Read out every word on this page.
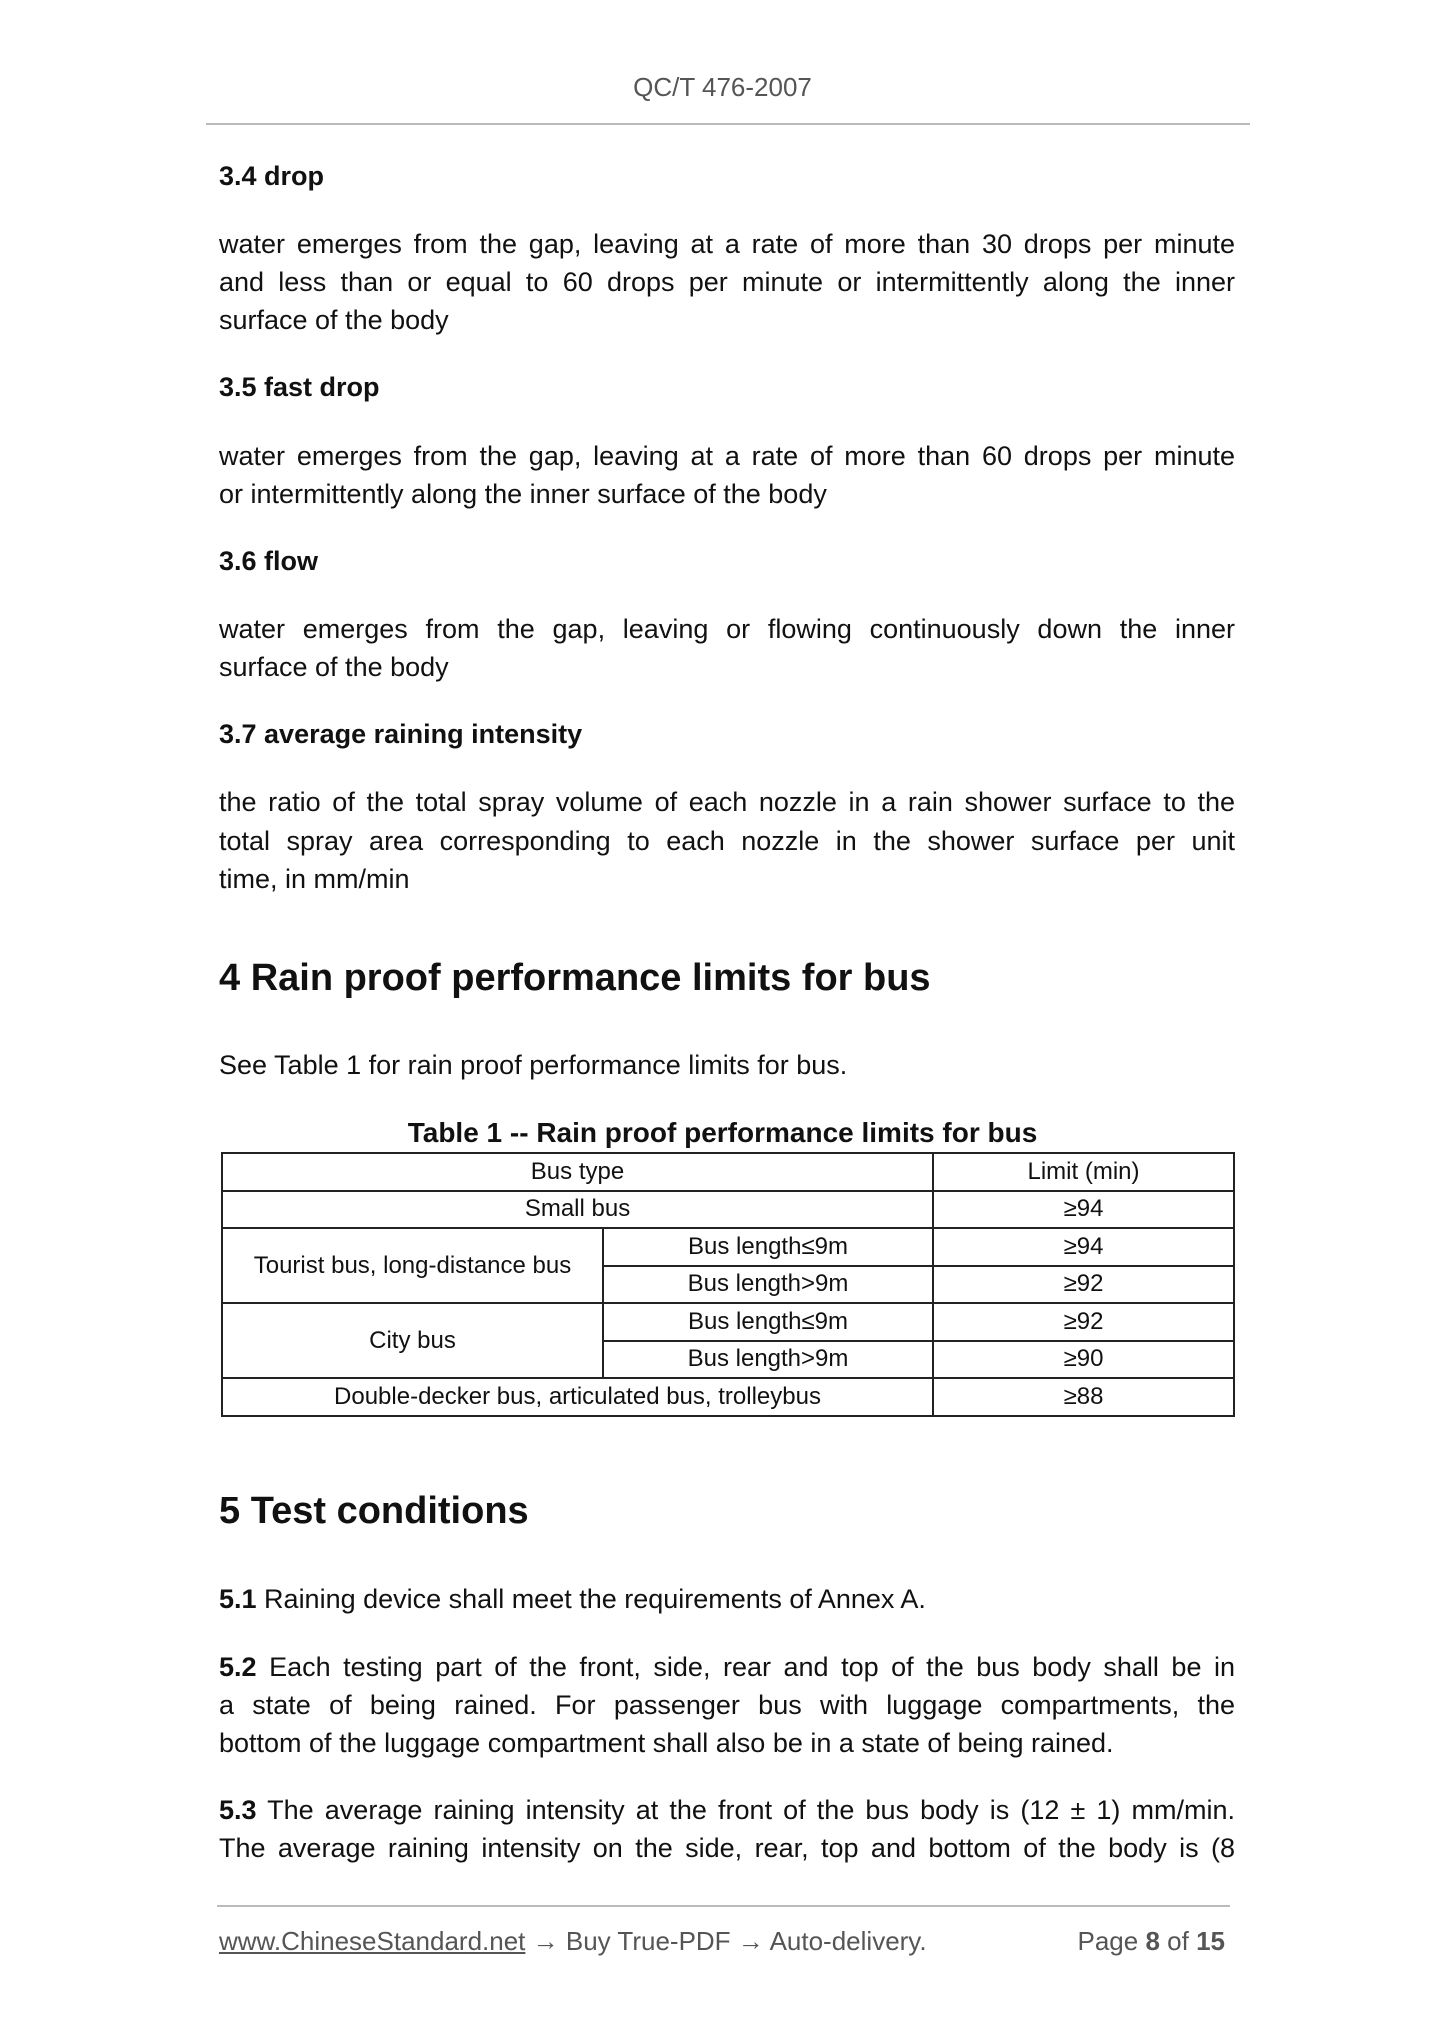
QC/T 476-2007
3.4 drop
water emerges from the gap, leaving at a rate of more than 30 drops per minute
and less than or equal to 60 drops per minute or intermittently along the inner
surface of the body
3.5 fast drop
water emerges from the gap, leaving at a rate of more than 60 drops per minute
or intermittently along the inner surface of the body
3.6 flow
water emerges from the gap, leaving or flowing continuously down the inner
surface of the body
3.7 average raining intensity
the ratio of the total spray volume of each nozzle in a rain shower surface to the
total spray area corresponding to each nozzle in the shower surface per unit
time, in mm/min
4 Rain proof performance limits for bus
See Table 1 for rain proof performance limits for bus.
Table 1 -- Rain proof performance limits for bus
Bus type		Limit (min)
Small bus		≥94
Tourist bus, long-distance bus	Bus length≤9m	≥94
	Bus length>9m	≥92
City bus	Bus length≤9m	≥92
	Bus length>9m	≥90
Double-decker bus, articulated bus, trolleybus		≥88
5 Test conditions
5.1 Raining device shall meet the requirements of Annex A.
5.2 Each testing part of the front, side, rear and top of the bus body shall be in
a state of being rained. For passenger bus with luggage compartments, the
bottom of the luggage compartment shall also be in a state of being rained.
5.3 The average raining intensity at the front of the bus body is (12 ± 1) mm/min.
The average raining intensity on the side, rear, top and bottom of the body is (8
www.ChineseStandard.net → Buy True-PDF → Auto-delivery.	Page 8 of 15
